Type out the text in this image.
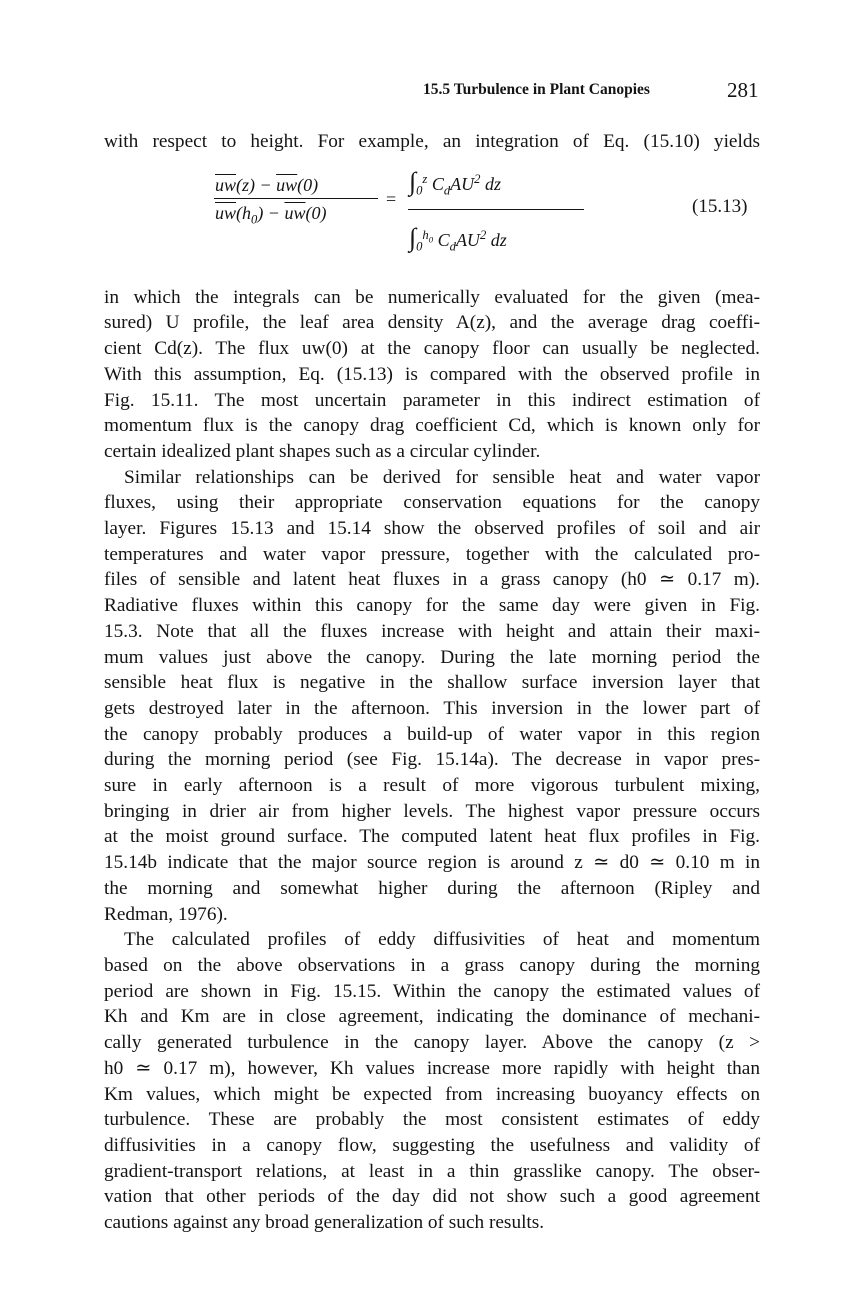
15.5 Turbulence in Plant Canopies	281

with respect to height. For example, an integration of Eq. (15.10) yields

$\overline{uw}(z) - \overline{uw}(0)$
$\overline{uw}(h_0) - \overline{uw}(0)$
=
$\int_0^z$ $C_dAU^2$ dz
$\int_0^{h_0}$ $C_dAU^2$ dz
(15.13)

in which the integrals can be numerically evaluated for the given (mea-

sured) U profile, the leaf area density A(z), and the average drag coeffi-

cient Cd(z). The flux uw(0) at the canopy floor can usually be neglected.

With this assumption, Eq. (15.13) is compared with the observed profile in

Fig. 15.11. The most uncertain parameter in this indirect estimation of

momentum flux is the canopy drag coefficient Cd, which is known only for

certain idealized plant shapes such as a circular cylinder.

Similar relationships can be derived for sensible heat and water vapor

fluxes, using their appropriate conservation equations for the canopy

layer. Figures 15.13 and 15.14 show the observed profiles of soil and air

temperatures and water vapor pressure, together with the calculated pro-

files of sensible and latent heat fluxes in a grass canopy (h0 ≃ 0.17 m).

Radiative fluxes within this canopy for the same day were given in Fig.

15.3. Note that all the fluxes increase with height and attain their maxi-

mum values just above the canopy. During the late morning period the

sensible heat flux is negative in the shallow surface inversion layer that

gets destroyed later in the afternoon. This inversion in the lower part of

the canopy probably produces a build-up of water vapor in this region

during the morning period (see Fig. 15.14a). The decrease in vapor pres-

sure in early afternoon is a result of more vigorous turbulent mixing,

bringing in drier air from higher levels. The highest vapor pressure occurs

at the moist ground surface. The computed latent heat flux profiles in Fig.

15.14b indicate that the major source region is around z ≃ d0 ≃ 0.10 m in

the morning and somewhat higher during the afternoon (Ripley and

Redman, 1976).

The calculated profiles of eddy diffusivities of heat and momentum

based on the above observations in a grass canopy during the morning

period are shown in Fig. 15.15. Within the canopy the estimated values of

Kh and Km are in close agreement, indicating the dominance of mechani-

cally generated turbulence in the canopy layer. Above the canopy (z >

h0 ≃ 0.17 m), however, Kh values increase more rapidly with height than

Km values, which might be expected from increasing buoyancy effects on

turbulence. These are probably the most consistent estimates of eddy

diffusivities in a canopy flow, suggesting the usefulness and validity of

gradient-transport relations, at least in a thin grasslike canopy. The obser-

vation that other periods of the day did not show such a good agreement

cautions against any broad generalization of such results.
